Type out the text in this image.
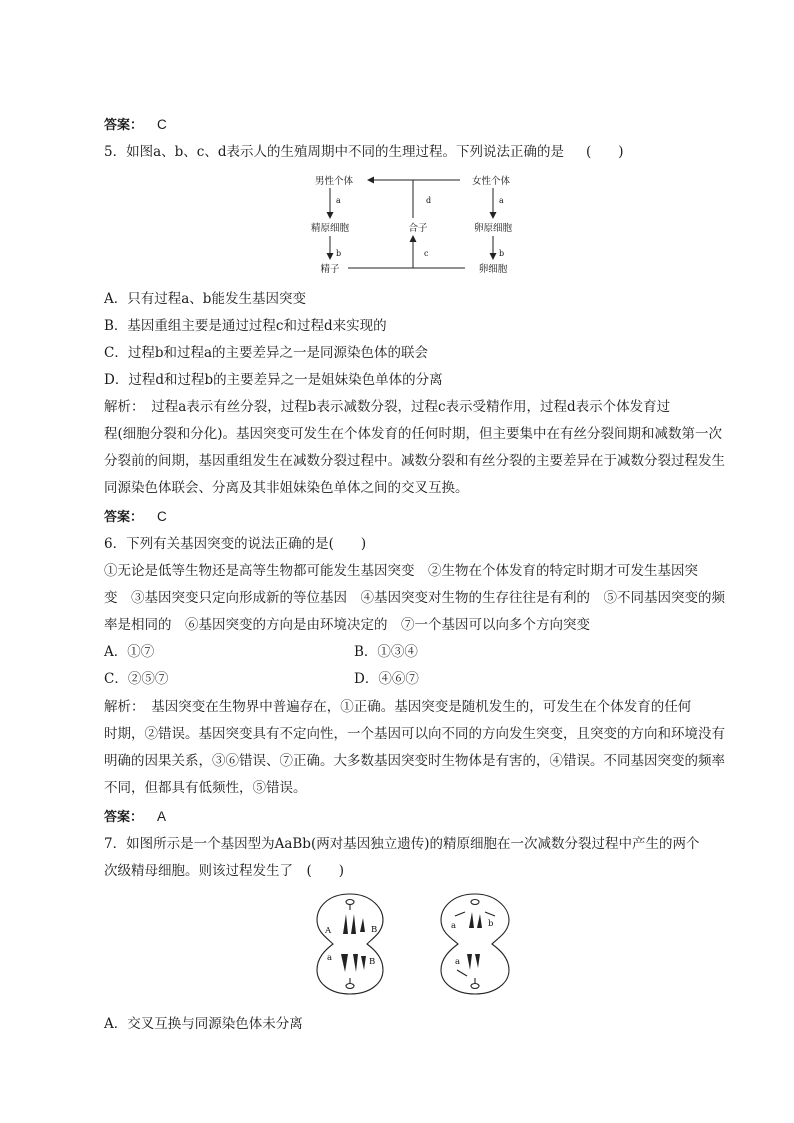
答案： C
5．如图a、b、c、d表示人的生殖周期中不同的生理过程。下列说法正确的是 (　　)
男性个体	女性个体
精原细胞	合子	卵原细胞
精子	卵细胞
a	a
d
b	b
c
A．只有过程a、b能发生基因突变
B．基因重组主要是通过过程c和过程d来实现的
C．过程b和过程a的主要差异之一是同源染色体的联会
D．过程d和过程b的主要差异之一是姐妹染色单体的分离
解析：　过程a表示有丝分裂，过程b表示减数分裂，过程c表示受精作用，过程d表示个体发育过
程(细胞分裂和分化)。基因突变可发生在个体发育的任何时期，但主要集中在有丝分裂间期和减数第一次
分裂前的间期，基因重组发生在减数分裂过程中。减数分裂和有丝分裂的主要差异在于减数分裂过程发生
同源染色体联会、分离及其非姐妹染色单体之间的交叉互换。
答案： C
6．下列有关基因突变的说法正确的是(　　)
①无论是低等生物还是高等生物都可能发生基因突变　②生物在个体发育的特定时期才可发生基因突
变　③基因突变只定向形成新的等位基因　④基因突变对生物的生存往往是有利的　⑤不同基因突变的频
率是相同的　⑥基因突变的方向是由环境决定的　⑦一个基因可以向多个方向突变
A．①⑦	B．①③④
C．②⑤⑦	D．④⑥⑦
解析：　基因突变在生物界中普遍存在，①正确。基因突变是随机发生的，可发生在个体发育的任何
时期，②错误。基因突变具有不定向性，一个基因可以向不同的方向发生突变，且突变的方向和环境没有
明确的因果关系，③⑥错误、⑦正确。大多数基因突变时生物体是有害的，④错误。不同基因突变的频率
不同，但都具有低频性，⑤错误。
答案： A
7．如图所示是一个基因型为AaBb(两对基因独立遗传)的精原细胞在一次减数分裂过程中产生的两个
次级精母细胞。则该过程发生了　(　　)
A	B
a	B
a	b
a
A．交叉互换与同源染色体未分离
